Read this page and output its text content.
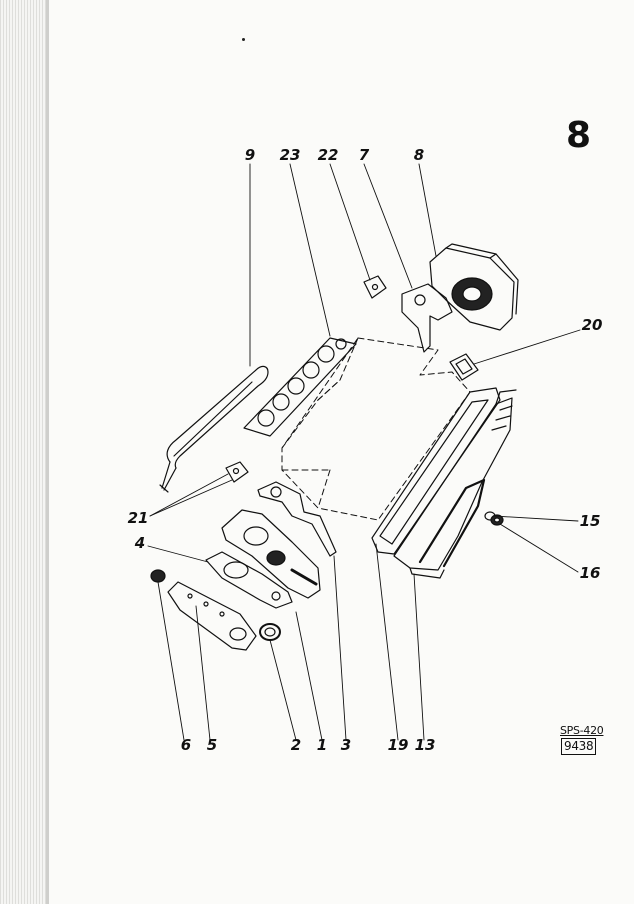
8
9 23 22 7	8
20
21
4
15
16
6 5	2 1 3 19 13
SPS-420
9438
